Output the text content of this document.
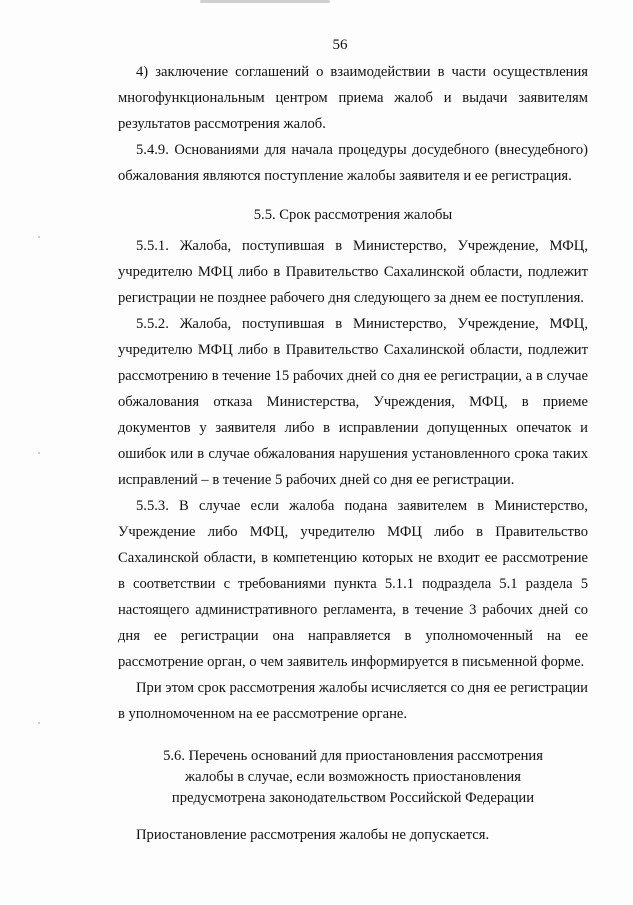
56

4) заключение соглашений о взаимодействии в части осуществления многофункциональным центром приема жалоб и выдачи заявителям результатов рассмотрения жалоб.

5.4.9. Основаниями для начала процедуры досудебного (внесудебного) обжалования являются поступление жалобы заявителя и ее регистрация.

5.5. Срок рассмотрения жалобы

5.5.1. Жалоба, поступившая в Министерство, Учреждение, МФЦ, учредителю МФЦ либо в Правительство Сахалинской области, подлежит регистрации не позднее рабочего дня следующего за днем ее поступления.

5.5.2. Жалоба, поступившая в Министерство, Учреждение, МФЦ, учредителю МФЦ либо в Правительство Сахалинской области, подлежит рассмотрению в течение 15 рабочих дней со дня ее регистрации, а в случае обжалования отказа Министерства, Учреждения, МФЦ, в приеме документов у заявителя либо в исправлении допущенных опечаток и ошибок или в случае обжалования нарушения установленного срока таких исправлений – в течение 5 рабочих дней со дня ее регистрации.

5.5.3. В случае если жалоба подана заявителем в Министерство, Учреждение либо МФЦ, учредителю МФЦ либо в Правительство Сахалинской области, в компетенцию которых не входит ее рассмотрение в соответствии с требованиями пункта 5.1.1 подраздела 5.1 раздела 5 настоящего административного регламента, в течение 3 рабочих дней со дня ее регистрации она направляется в уполномоченный на ее рассмотрение орган, о чем заявитель информируется в письменной форме.

При этом срок рассмотрения жалобы исчисляется со дня ее регистрации в уполномоченном на ее рассмотрение органе.

5.6. Перечень оснований для приостановления рассмотрения
жалобы в случае, если возможность приостановления
предусмотрена законодательством Российской Федерации
Приостановление рассмотрения жалобы не допускается.
